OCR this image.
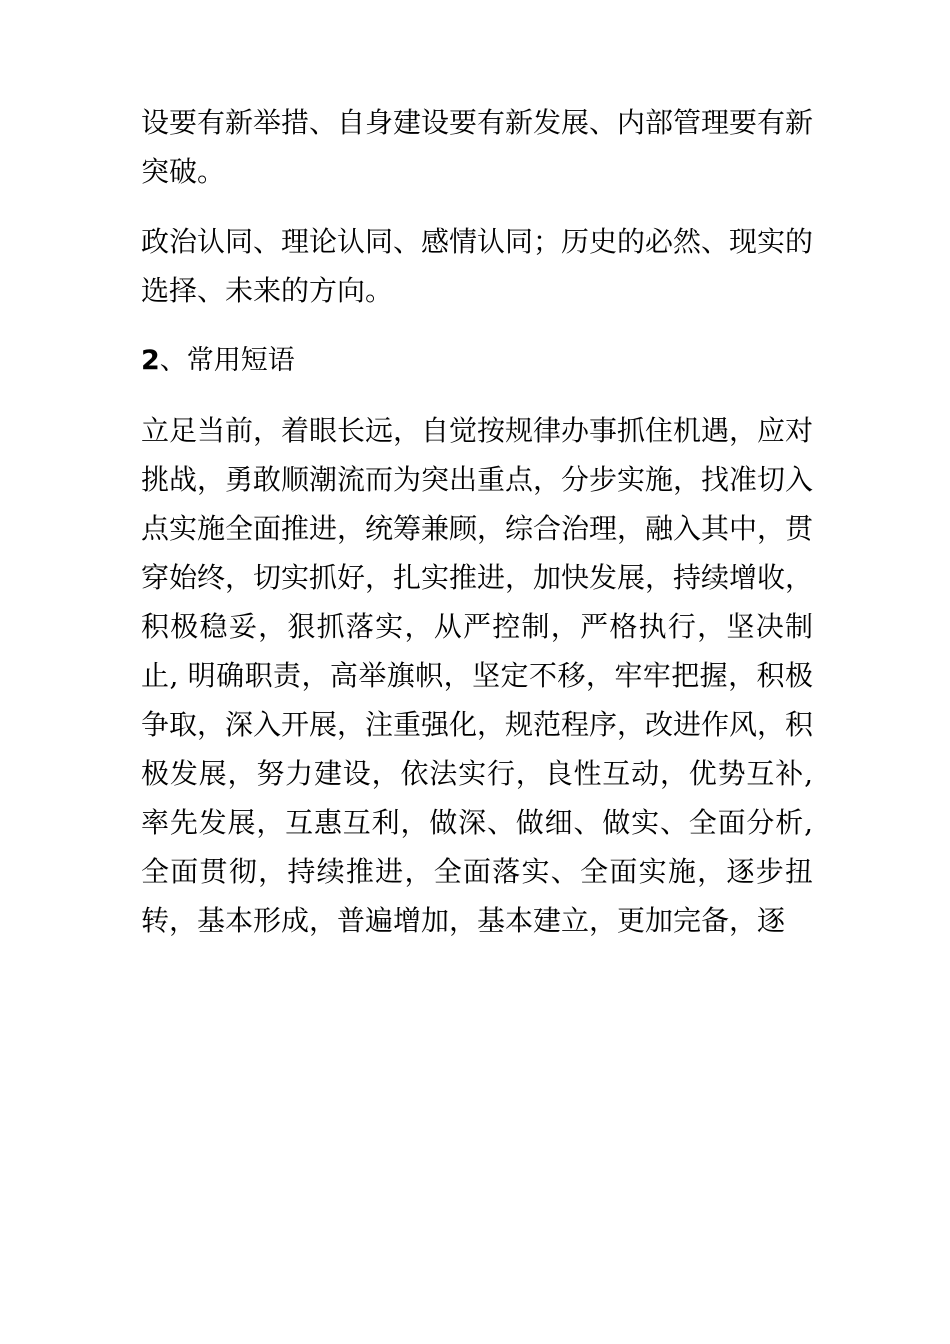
设要有新举措、自身建设要有新发展、内部管理要有新突破。

政治认同、理论认同、感情认同；历史的必然、现实的选择、未来的方向。

2、常用短语

立足当前，着眼长远，自觉按规律办事抓住机遇，应对挑战，勇敢顺潮流而为突出重点，分步实施，找准切入点实施全面推进，统筹兼顾，综合治理，融入其中，贯穿始终，切实抓好，扎实推进，加快发展，持续增收，积极稳妥，狠抓落实，从严控制，严格执行，坚决制止, 明确职责，高举旗帜，坚定不移，牢牢把握，积极争取，深入开展，注重强化，规范程序，改进作风，积极发展，努力建设，依法实行，良性互动，优势互补, 率先发展，互惠互利，做深、做细、做实、全面分析, 全面贯彻，持续推进，全面落实、全面实施，逐步扭转，基本形成，普遍增加，基本建立，更加完备，逐
